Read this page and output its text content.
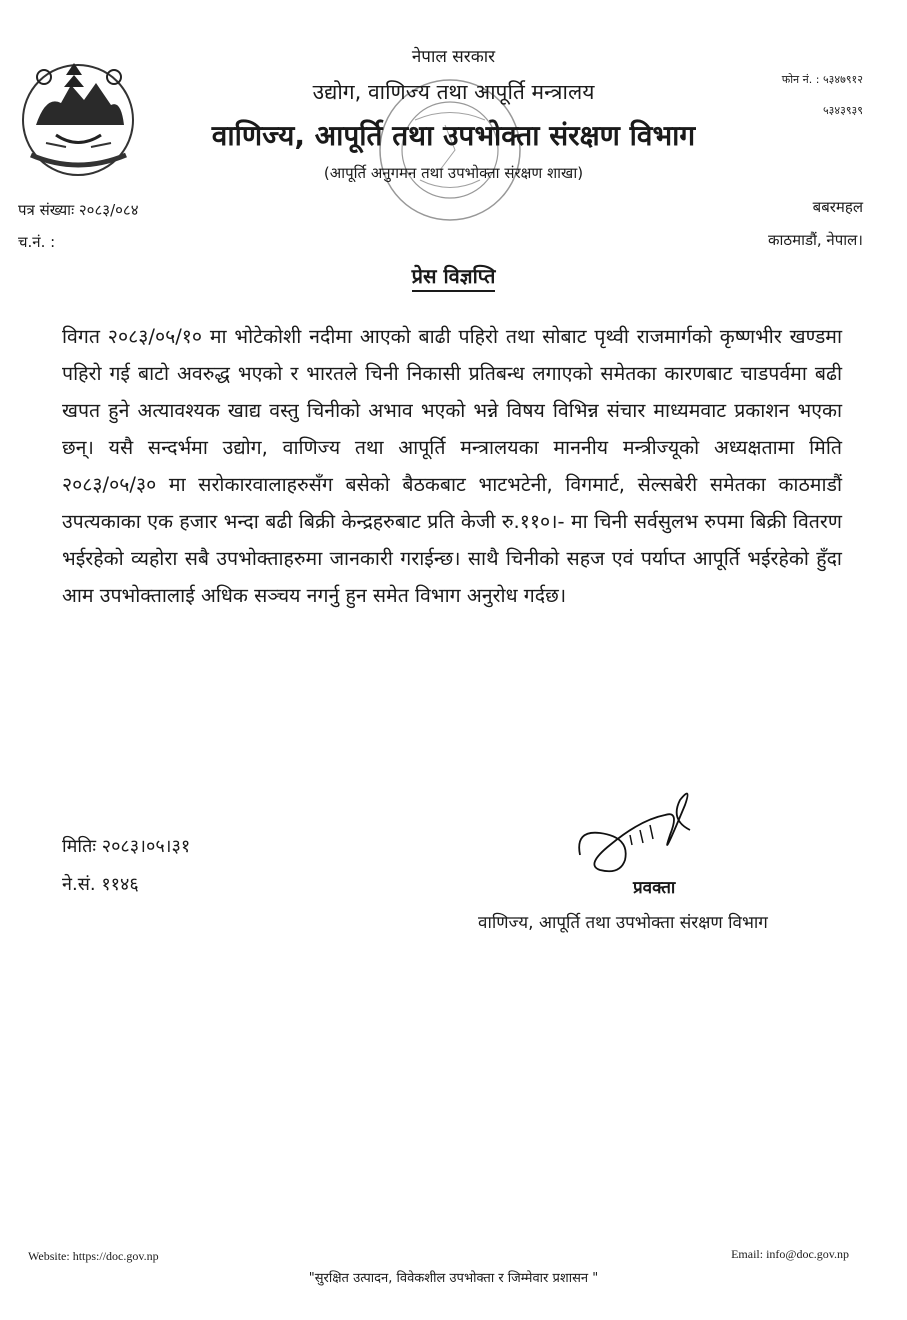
नेपाल सरकार
उद्योग, वाणिज्य तथा आपूर्ति मन्त्रालय
वाणिज्य, आपूर्ति तथा उपभोक्ता संरक्षण विभाग
(आपूर्ति अनुगमन तथा उपभोक्ता संरक्षण शाखा)
फोन नं. : ५३४७९१२
५३४३९३९
पत्र संख्याः २०८३/०८४
च.नं. :
बबरमहल
काठमाडौं, नेपाल।
प्रेस विज्ञप्ति

विगत २०८३/०५/१० मा भोटेकोशी नदीमा आएको बाढी पहिरो तथा सोबाट पृथ्वी राजमार्गको कृष्णभीर खण्डमा पहिरो गई बाटो अवरुद्ध भएको र भारतले चिनी निकासी प्रतिबन्ध लगाएको समेतका कारणबाट चाडपर्वमा बढी खपत हुने अत्यावश्यक खाद्य वस्तु चिनीको अभाव भएको भन्ने विषय विभिन्न संचार माध्यमवाट प्रकाशन भएका छन्। यसै सन्दर्भमा उद्योग, वाणिज्य तथा आपूर्ति मन्त्रालयका माननीय मन्त्रीज्यूको अध्यक्षतामा मिति २०८३/०५/३० मा सरोकारवालाहरुसँग बसेको बैठकबाट भाटभटेनी, विगमार्ट, सेल्सबेरी समेतका काठमाडौं उपत्यकाका एक हजार भन्दा बढी बिक्री केन्द्रहरुबाट प्रति केजी रु.११०।- मा चिनी सर्वसुलभ रुपमा बिक्री वितरण भईरहेको व्यहोरा सबै उपभोक्ताहरुमा जानकारी गराईन्छ। साथै चिनीको सहज एवं पर्याप्त आपूर्ति भईरहेको हुँदा आम उपभोक्तालाई अधिक सञ्चय नगर्नु हुन समेत विभाग अनुरोध गर्दछ।

मितिः २०८३।०५।३१
ने.सं. ११४६	प्रवक्ता
वाणिज्य, आपूर्ति तथा उपभोक्ता संरक्षण विभाग
Website: https://doc.gov.np	Email: info@doc.gov.np
"सुरक्षित उत्पादन, विवेकशील उपभोक्ता र जिम्मेवार प्रशासन "
